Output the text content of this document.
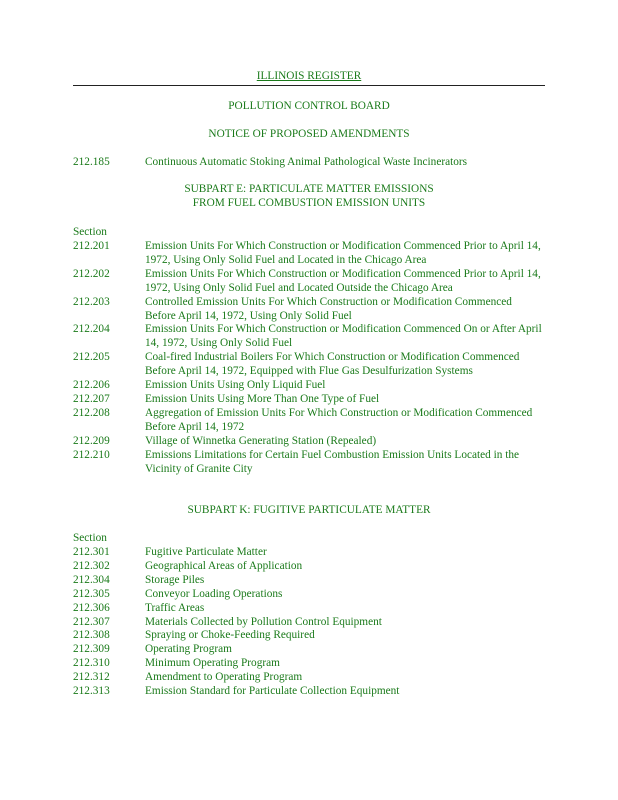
ILLINOIS REGISTER
POLLUTION CONTROL BOARD
NOTICE OF PROPOSED AMENDMENTS
212.185	Continuous Automatic Stoking Animal Pathological Waste Incinerators
SUBPART E: PARTICULATE MATTER EMISSIONS
FROM FUEL COMBUSTION EMISSION UNITS
Section
212.201	Emission Units For Which Construction or Modification Commenced Prior to April 14, 1972, Using Only Solid Fuel and Located in the Chicago Area
212.202	Emission Units For Which Construction or Modification Commenced Prior to April 14, 1972, Using Only Solid Fuel and Located Outside the Chicago Area
212.203	Controlled Emission Units For Which Construction or Modification Commenced Before April 14, 1972, Using Only Solid Fuel
212.204	Emission Units For Which Construction or Modification Commenced On or After April 14, 1972, Using Only Solid Fuel
212.205	Coal-fired Industrial Boilers For Which Construction or Modification Commenced Before April 14, 1972, Equipped with Flue Gas Desulfurization Systems
212.206	Emission Units Using Only Liquid Fuel
212.207	Emission Units Using More Than One Type of Fuel
212.208	Aggregation of Emission Units For Which Construction or Modification Commenced Before April 14, 1972
212.209	Village of Winnetka Generating Station (Repealed)
212.210	Emissions Limitations for Certain Fuel Combustion Emission Units Located in the Vicinity of Granite City
SUBPART K: FUGITIVE PARTICULATE MATTER
Section
212.301	Fugitive Particulate Matter
212.302	Geographical Areas of Application
212.304	Storage Piles
212.305	Conveyor Loading Operations
212.306	Traffic Areas
212.307	Materials Collected by Pollution Control Equipment
212.308	Spraying or Choke-Feeding Required
212.309	Operating Program
212.310	Minimum Operating Program
212.312	Amendment to Operating Program
212.313	Emission Standard for Particulate Collection Equipment
